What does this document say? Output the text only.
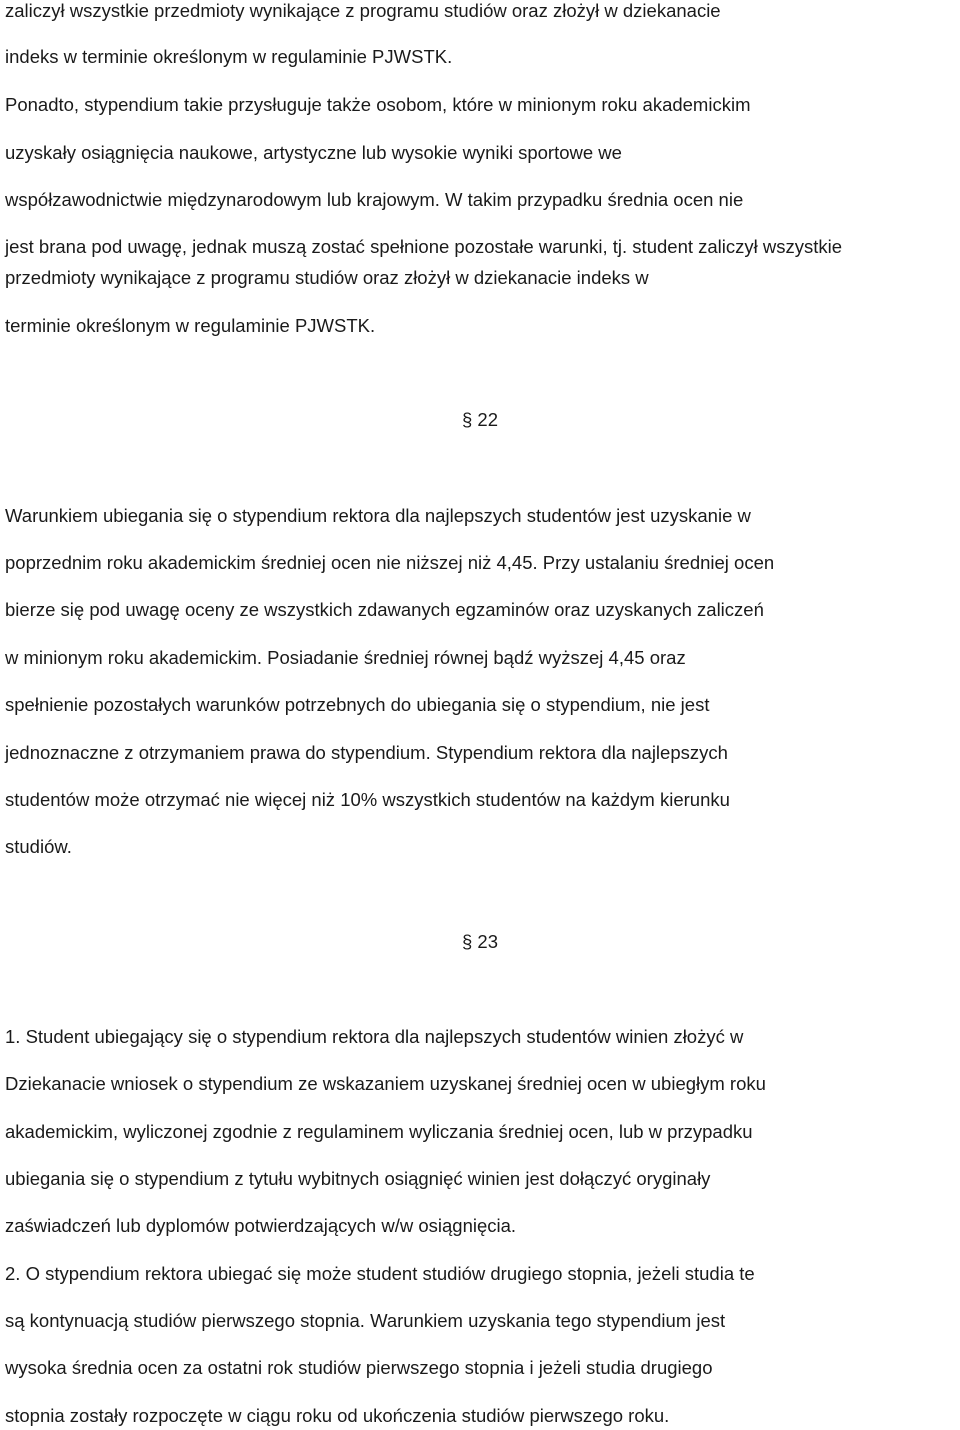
zaliczył wszystkie przedmioty wynikające z programu studiów oraz złożył w dziekanacie

indeks w terminie określonym w regulaminie PJWSTK.

Ponadto, stypendium takie przysługuje także osobom, które w minionym roku akademickim

uzyskały osiągnięcia naukowe, artystyczne lub wysokie wyniki sportowe we

współzawodnictwie międzynarodowym lub krajowym. W takim przypadku średnia ocen nie

jest brana pod uwagę, jednak muszą zostać spełnione pozostałe warunki, tj. student zaliczył wszystkie

przedmioty wynikające z programu studiów oraz złożył w dziekanacie indeks w

terminie określonym w regulaminie PJWSTK.

§ 22

Warunkiem ubiegania się o stypendium rektora dla najlepszych studentów jest uzyskanie w

poprzednim roku akademickim średniej ocen nie niższej niż 4,45. Przy ustalaniu średniej ocen

bierze się pod uwagę oceny ze wszystkich zdawanych egzaminów oraz uzyskanych zaliczeń

w minionym roku akademickim. Posiadanie średniej równej bądź wyższej 4,45 oraz

spełnienie pozostałych warunków potrzebnych do ubiegania się o stypendium, nie jest

jednoznaczne z otrzymaniem prawa do stypendium. Stypendium rektora dla najlepszych

studentów może otrzymać nie więcej niż 10% wszystkich studentów na każdym kierunku

studiów.

§ 23

1. Student ubiegający się o stypendium rektora dla najlepszych studentów winien złożyć w

Dziekanacie wniosek o stypendium ze wskazaniem uzyskanej średniej ocen w ubiegłym roku

akademickim, wyliczonej zgodnie z regulaminem wyliczania średniej ocen, lub w przypadku

ubiegania się o stypendium z tytułu wybitnych osiągnięć winien jest dołączyć oryginały

zaświadczeń lub dyplomów potwierdzających w/w osiągnięcia.

2. O stypendium rektora ubiegać się może student studiów drugiego stopnia, jeżeli studia te

są kontynuacją studiów pierwszego stopnia. Warunkiem uzyskania tego stypendium jest

wysoka średnia ocen za ostatni rok studiów pierwszego stopnia i jeżeli studia drugiego

stopnia zostały rozpoczęte w ciągu roku od ukończenia studiów pierwszego roku.
